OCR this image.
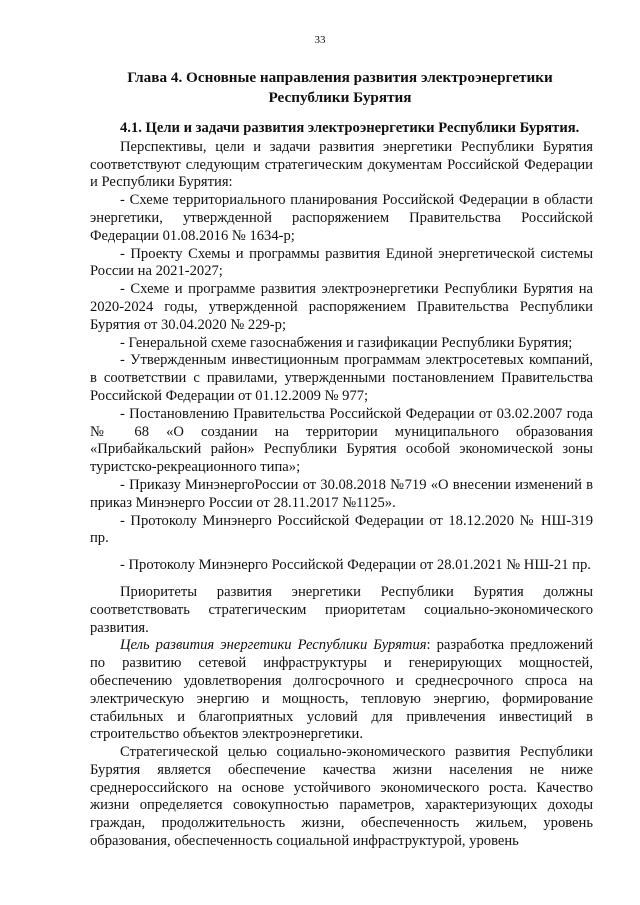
33
Глава 4. Основные направления развития электроэнергетики
Республики Бурятия

4.1. Цели и задачи развития электроэнергетики Республики Бурятия.

Перспективы, цели и задачи развития энергетики Республики Бурятия соответствуют следующим стратегическим документам Российской Федерации и Республики Бурятия:

- Схеме территориального планирования Российской Федерации в области энергетики, утвержденной распоряжением Правительства Российской Федерации 01.08.2016 № 1634-р;

- Проекту Схемы и программы развития Единой энергетической системы России на 2021-2027;

- Схеме и программе развития электроэнергетики Республики Бурятия на 2020-2024 годы, утвержденной распоряжением Правительства Республики Бурятия от 30.04.2020 № 229-р;

- Генеральной схеме газоснабжения и газификации Республики Бурятия;

- Утвержденным инвестиционным программам электросетевых компаний, в соответствии с правилами, утвержденными постановлением Правительства Российской Федерации от 01.12.2009 № 977;

- Постановлению Правительства Российской Федерации от 03.02.2007 года № 68 «О создании на территории муниципального образования «Прибайкальский район» Республики Бурятия особой экономической зоны туристско-рекреационного типа»;

- Приказу МинэнергоРоссии от 30.08.2018 №719 «О внесении изменений в приказ Минэнерго России от 28.11.2017 №1125».

- Протоколу Минэнерго Российской Федерации от 18.12.2020 № НШ-319 пр.

- Протоколу Минэнерго Российской Федерации от 28.01.2021 № НШ-21 пр.

Приоритеты развития энергетики Республики Бурятия должны соответствовать стратегическим приоритетам социально-экономического развития.

Цель развития энергетики Республики Бурятия: разработка предложений по развитию сетевой инфраструктуры и генерирующих мощностей, обеспечению удовлетворения долгосрочного и среднесрочного спроса на электрическую энергию и мощность, тепловую энергию, формирование стабильных и благоприятных условий для привлечения инвестиций в строительство объектов электроэнергетики.

Стратегической целью социально-экономического развития Республики Бурятия является обеспечение качества жизни населения не ниже среднероссийского на основе устойчивого экономического роста. Качество жизни определяется совокупностью параметров, характеризующих доходы граждан, продолжительность жизни, обеспеченность жильем, уровень образования, обеспеченность социальной инфраструктурой, уровень
